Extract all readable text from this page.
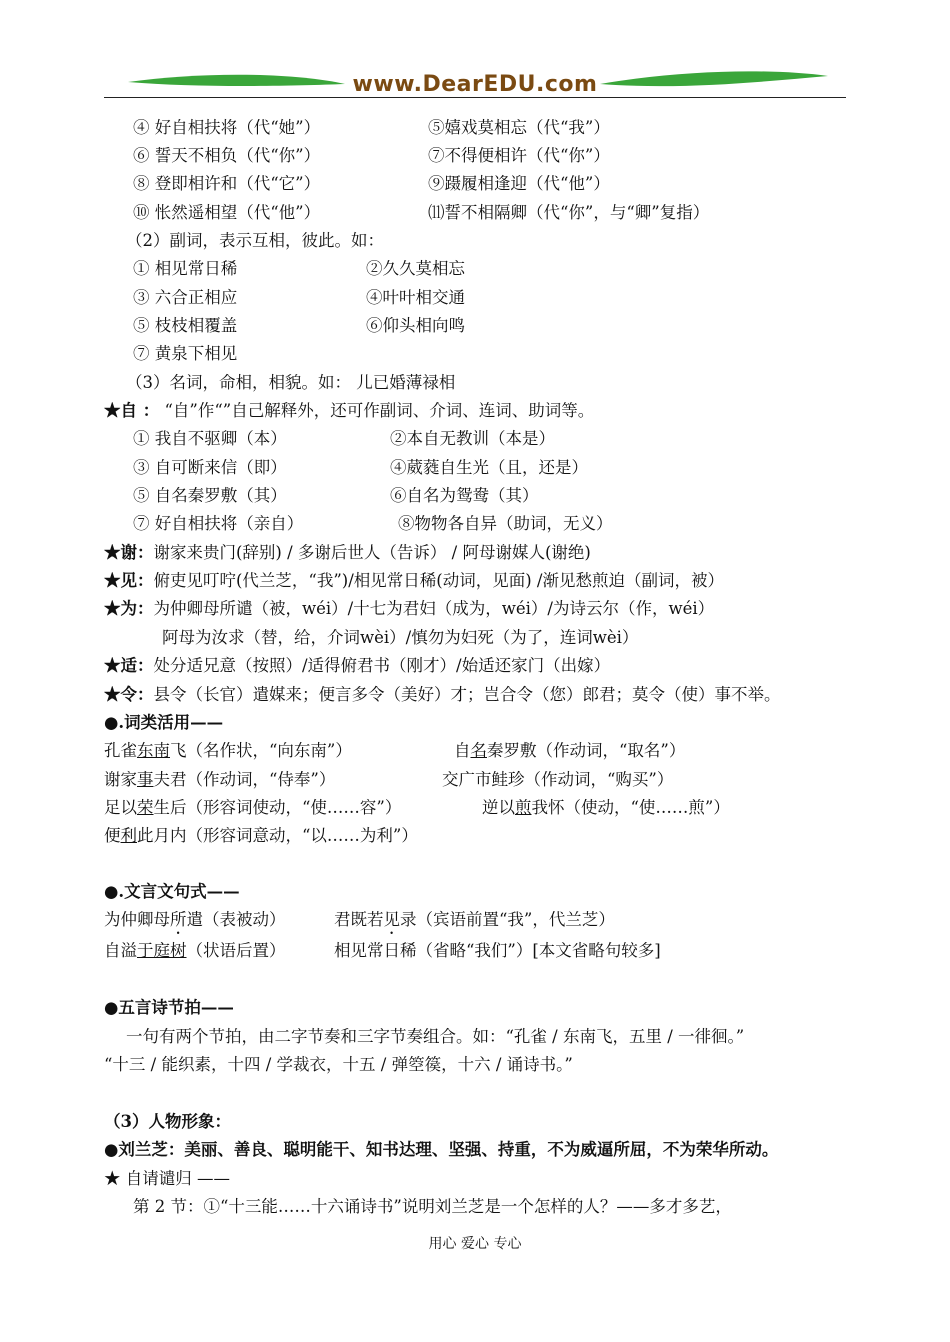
www.DearEDU.com
④ 好自相扶将（代“她”）	⑤嬉戏莫相忘（代“我”）
⑥ 誓天不相负（代“你”）	⑦不得便相许（代“你”）
⑧ 登即相许和（代“它”）	⑨蹑履相逢迎（代“他”）
⑩ 怅然遥相望（代“他”）	⑾誓不相隔卿（代“你”，与“卿”复指）
（2）副词，表示互相，彼此。如：
① 相见常日稀	②久久莫相忘
③ 六合正相应	④叶叶相交通
⑤ 枝枝相覆盖	⑥仰头相向鸣
⑦ 黄泉下相见
（3）名词，命相，相貌。如： 儿已婚薄禄相
★自 ： “自”作“”自己解释外，还可作副词、介词、连词、助词等。
① 我自不驱卿（本）	②本自无教训（本是）
③ 自可断来信（即）	④葳蕤自生光（且，还是）
⑤ 自名秦罗敷（其）	⑥自名为鸳鸯（其）
⑦ 好自相扶将（亲自）	⑧物物各自异（助词，无义）
★谢：谢家来贵门(辞别) / 多谢后世人（告诉） / 阿母谢媒人(谢绝)
★见：俯吏见叮咛(代兰芝，“我”)/相见常日稀(动词，见面) /渐见愁煎迫（副词，被）
★为：为仲卿母所谴（被，wéi）/十七为君妇（成为，wéi）/为诗云尔（作，wéi）
阿母为汝求（替，给，介词wèi）/慎勿为妇死（为了，连词wèi）
★适：处分适兄意（按照）/适得俯君书（刚才）/始适还家门（出嫁）
★令：县令（长官）遣媒来；便言多令（美好）才；岂合令（您）郎君；莫令（使）事不举。
●.词类活用——
孔雀东南飞（名作状，“向东南”）	自名秦罗敷（作动词，“取名”）
谢家事夫君（作动词，“侍奉”）	交广市鲑珍（作动词，“购买”）
足以荣生后（形容词使动，“使……容”）	逆以煎我怀（使动，“使……煎”）
便利此月内（形容词意动，“以……为利”）
●.文言文句式——
为仲卿母所遣（表被动）	君既若见录（宾语前置“我”，代兰芝）
自溢于庭树（状语后置）	相见常日稀（省略“我们”）[本文省略句较多]
●五言诗节拍——
一句有两个节拍，由二字节奏和三字节奏组合。如：“孔雀 / 东南飞，五里 / 一徘徊。”
“十三 / 能织素，十四 / 学裁衣，十五 / 弹箜篌，十六 / 诵诗书。”
（3）人物形象：
●刘兰芝：美丽、善良、聪明能干、知书达理、坚强、持重，不为威逼所屈，不为荣华所动。
★ 自请谴归 ——
第 2 节：①“十三能……十六诵诗书”说明刘兰芝是一个怎样的人？——多才多艺，
用心 爱心 专心
